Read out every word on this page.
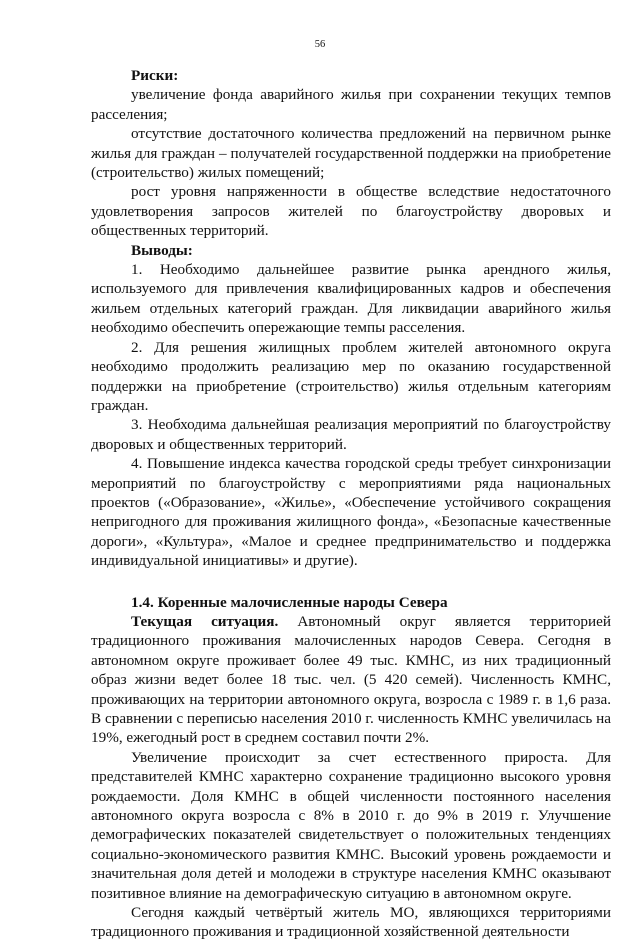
56

Риски:

увеличение фонда аварийного жилья при сохранении текущих темпов расселения;

отсутствие достаточного количества предложений на первичном рынке жилья для граждан – получателей государственной поддержки на приобретение (строительство) жилых помещений;

рост уровня напряженности в обществе вследствие недостаточного удовлетворения запросов жителей по благоустройству дворовых и общественных территорий.

Выводы:

1. Необходимо дальнейшее развитие рынка арендного жилья, используемого для привлечения квалифицированных кадров и обеспечения жильем отдельных категорий граждан. Для ликвидации аварийного жилья необходимо обеспечить опережающие темпы расселения.

2. Для решения жилищных проблем жителей автономного округа необходимо продолжить реализацию мер по оказанию государственной поддержки на приобретение (строительство) жилья отдельным категориям граждан.

3. Необходима дальнейшая реализация мероприятий по благоустройству дворовых и общественных территорий.

4. Повышение индекса качества городской среды требует синхронизации мероприятий по благоустройству с мероприятиями ряда национальных проектов («Образование», «Жилье», «Обеспечение устойчивого сокращения непригодного для проживания жилищного фонда», «Безопасные качественные дороги», «Культура», «Малое и среднее предпринимательство и поддержка индивидуальной инициативы» и другие).

1.4. Коренные малочисленные народы Севера

Текущая ситуация. Автономный округ является территорией традиционного проживания малочисленных народов Севера. Сегодня в автономном округе проживает более 49 тыс. КМНС, из них традиционный образ жизни ведет более 18 тыс. чел. (5 420 семей). Численность КМНС, проживающих на территории автономного округа, возросла с 1989 г. в 1,6 раза. В сравнении с переписью населения 2010 г. численность КМНС увеличилась на 19%, ежегодный рост в среднем составил почти 2%.

Увеличение происходит за счет естественного прироста. Для представителей КМНС характерно сохранение традиционно высокого уровня рождаемости. Доля КМНС в общей численности постоянного населения автономного округа возросла с 8% в 2010 г. до 9% в 2019 г. Улучшение демографических показателей свидетельствует о положительных тенденциях социально-экономического развития КМНС. Высокий уровень рождаемости и значительная доля детей и молодежи в структуре населения КМНС оказывают позитивное влияние на демографическую ситуацию в автономном округе.

Сегодня каждый четвёртый житель МО, являющихся территориями традиционного проживания и традиционной хозяйственной деятельности
